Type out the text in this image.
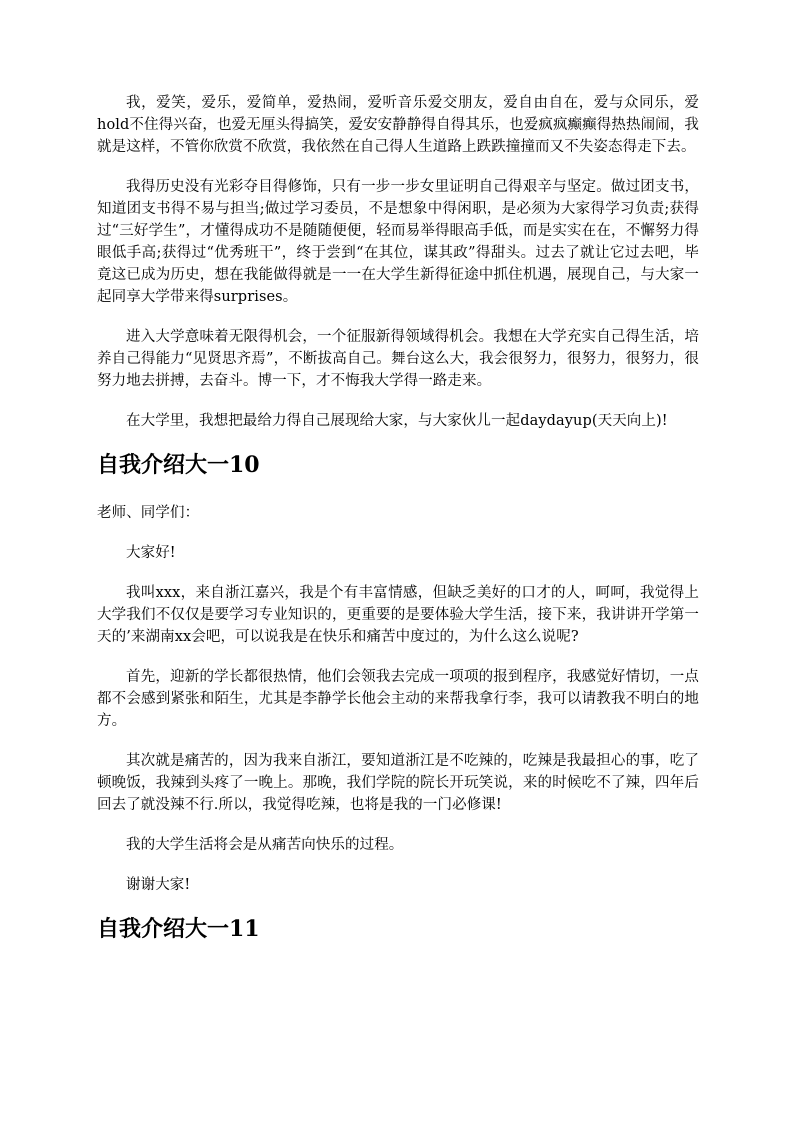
我，爱笑，爱乐，爱简单，爱热闹，爱听音乐爱交朋友，爱自由自在，爱与众同乐，爱hold不住得兴奋，也爱无厘头得搞笑，爱安安静静得自得其乐，也爱疯疯癫癫得热热闹闹，我就是这样，不管你欣赏不欣赏，我依然在自己得人生道路上跌跌撞撞而又不失姿态得走下去。

我得历史没有光彩夺目得修饰，只有一步一步女里证明自己得艰辛与坚定。做过团支书，知道团支书得不易与担当;做过学习委员，不是想象中得闲职，是必须为大家得学习负责;获得过“三好学生”，才懂得成功不是随随便便，轻而易举得眼高手低，而是实实在在，不懈努力得眼低手高;获得过“优秀班干”，终于尝到“在其位，谋其政”得甜头。过去了就让它过去吧，毕竟这已成为历史，想在我能做得就是一一在大学生新得征途中抓住机遇，展现自己，与大家一起同享大学带来得surprises。

进入大学意味着无限得机会，一个征服新得领域得机会。我想在大学充实自己得生活，培养自己得能力“见贤思齐焉”，不断拔高自己。舞台这么大，我会很努力，很努力，很努力，很努力地去拼搏，去奋斗。博一下，才不悔我大学得一路走来。

在大学里，我想把最给力得自己展现给大家，与大家伙儿一起daydayup(天天向上)!

自我介绍大一10

老师、同学们：

大家好!

我叫xxx，来自浙江嘉兴，我是个有丰富情感，但缺乏美好的口才的人，呵呵，我觉得上大学我们不仅仅是要学习专业知识的，更重要的是要体验大学生活，接下来，我讲讲开学第一天的’来湖南xx会吧，可以说我是在快乐和痛苦中度过的，为什么这么说呢?

首先，迎新的学长都很热情，他们会领我去完成一项项的报到程序，我感觉好情切，一点都不会感到紧张和陌生，尤其是李静学长他会主动的来帮我拿行李，我可以请教我不明白的地方。

其次就是痛苦的，因为我来自浙江，要知道浙江是不吃辣的，吃辣是我最担心的事，吃了顿晚饭，我辣到头疼了一晚上。那晚，我们学院的院长开玩笑说，来的时候吃不了辣，四年后回去了就没辣不行.所以，我觉得吃辣，也将是我的一门必修课!

我的大学生活将会是从痛苦向快乐的过程。

谢谢大家!

自我介绍大一11
